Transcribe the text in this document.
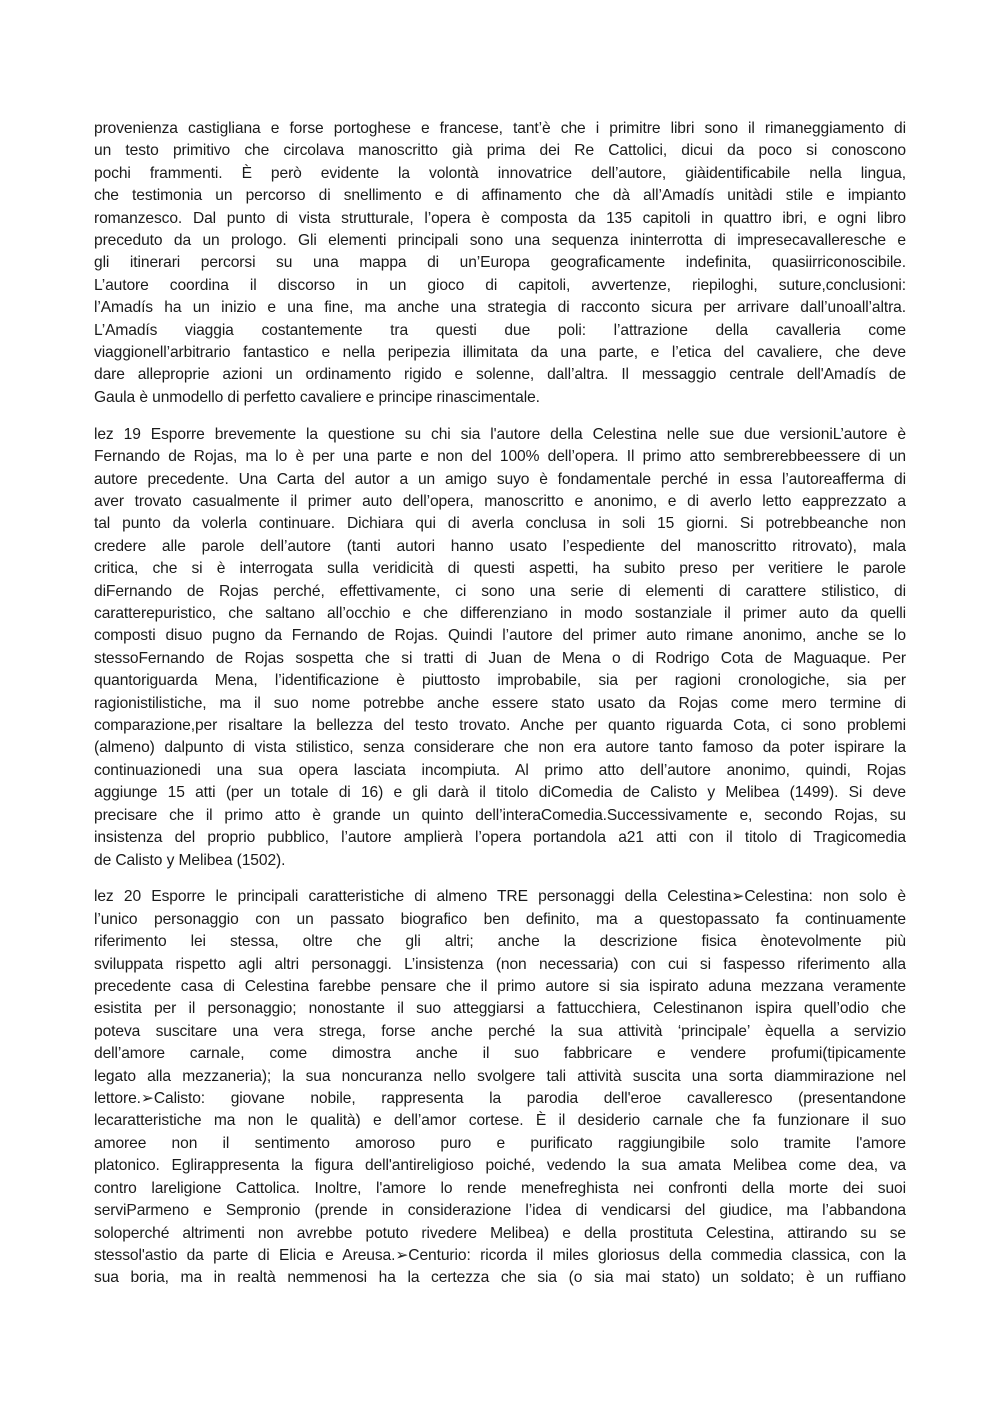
provenienza castigliana e forse portoghese e francese, tant’è che i primitre libri sono il rimaneggiamento di
un testo primitivo che circolava manoscritto già prima dei Re Cattolici, dicui da poco si conoscono
pochi frammenti. È però evidente la volontà innovatrice dell’autore, giàidentificabile nella lingua,
che testimonia un percorso di snellimento e di affinamento che dà all’Amadís unitàdi stile e impianto
romanzesco. Dal punto di vista strutturale, l’opera è composta da 135 capitoli in quattro ibri, e ogni libro
preceduto da un prologo. Gli elementi principali sono una sequenza ininterrotta di impresecavalleresche e
gli itinerari percorsi su una mappa di un’Europa geograficamente indefinita, quasiirriconoscibile.
L’autore coordina il discorso in un gioco di capitoli, avvertenze, riepiloghi, suture,conclusioni:
l’Amadís ha un inizio e una fine, ma anche una strategia di racconto sicura per arrivare dall’unoall’altra.
L’Amadís viaggia costantemente tra questi due poli: l’attrazione della cavalleria come
viaggionell’arbitrario fantastico e nella peripezia illimitata da una parte, e l’etica del cavaliere, che deve
dare alleproprie azioni un ordinamento rigido e solenne, dall’altra. Il messaggio centrale dell'Amadís de
Gaula è unmodello di perfetto cavaliere e principe rinascimentale.
lez 19 Esporre brevemente la questione su chi sia l'autore della Celestina nelle sue due versioniL’autore è
Fernando de Rojas, ma lo è per una parte e non del 100% dell’opera. Il primo atto sembrerebbeessere di un
autore precedente. Una Carta del autor a un amigo suyo è fondamentale perché in essa l’autoreafferma di
aver trovato casualmente il primer auto dell’opera, manoscritto e anonimo, e di averlo letto eapprezzato a
tal punto da volerla continuare. Dichiara qui di averla conclusa in soli 15 giorni. Si potrebbeanche non
credere alle parole dell’autore (tanti autori hanno usato l’espediente del manoscritto ritrovato), mala
critica, che si è interrogata sulla veridicità di questi aspetti, ha subito preso per veritiere le parole
diFernando de Rojas perché, effettivamente, ci sono una serie di elementi di carattere stilistico, di
caratterepuristico, che saltano all’occhio e che differenziano in modo sostanziale il primer auto da quelli
composti disuo pugno da Fernando de Rojas. Quindi l’autore del primer auto rimane anonimo, anche se lo
stessoFernando de Rojas sospetta che si tratti di Juan de Mena o di Rodrigo Cota de Maguaque. Per
quantoriguarda Mena, l’identificazione è piuttosto improbabile, sia per ragioni cronologiche, sia per
ragionistilistiche, ma il suo nome potrebbe anche essere stato usato da Rojas come mero termine di
comparazione,per risaltare la bellezza del testo trovato. Anche per quanto riguarda Cota, ci sono problemi
(almeno) dalpunto di vista stilistico, senza considerare che non era autore tanto famoso da poter ispirare la
continuazionedi una sua opera lasciata incompiuta. Al primo atto dell’autore anonimo, quindi, Rojas
aggiunge 15 atti (per un totale di 16) e gli darà il titolo diComedia de Calisto y Melibea (1499). Si deve
precisare che il primo atto è grande un quinto dell’interaComedia.Successivamente e, secondo Rojas, su
insistenza del proprio pubblico, l’autore amplierà l’opera portandola a21 atti con il titolo di Tragicomedia
de Calisto y Melibea (1502).
lez 20 Esporre le principali caratteristiche di almeno TRE personaggi della Celestina➢Celestina: non solo è
l’unico personaggio con un passato biografico ben definito, ma a questopassato fa continuamente
riferimento lei stessa, oltre che gli altri; anche la descrizione fisica ènotevolmente più
sviluppata rispetto agli altri personaggi. L’insistenza (non necessaria) con cui si faspesso riferimento alla
precedente casa di Celestina farebbe pensare che il primo autore si sia ispirato aduna mezzana veramente
esistita per il personaggio; nonostante il suo atteggiarsi a fattucchiera, Celestinanon ispira quell’odio che
poteva suscitare una vera strega, forse anche perché la sua attività ‘principale’ èquella a servizio
dell’amore carnale, come dimostra anche il suo fabbricare e vendere profumi(tipicamente
legato alla mezzaneria); la sua noncuranza nello svolgere tali attività suscita una sorta diammirazione nel
lettore.➢Calisto: giovane nobile, rappresenta la parodia dell'eroe cavalleresco (presentandone
lecaratteristiche ma non le qualità) e dell’amor cortese. È il desiderio carnale che fa funzionare il suo
amoree non il sentimento amoroso puro e purificato raggiungibile solo tramite l'amore
platonico. Eglirappresenta la figura dell'antireligioso poiché, vedendo la sua amata Melibea come dea, va
contro lareligione Cattolica. Inoltre, l'amore lo rende menefreghista nei confronti della morte dei suoi
serviParmeno e Sempronio (prende in considerazione l’idea di vendicarsi del giudice, ma l’abbandona
soloperché altrimenti non avrebbe potuto rivedere Melibea) e della prostituta Celestina, attirando su se
stessol'astio da parte di Elicia e Areusa.➢Centurio: ricorda il miles gloriosus della commedia classica, con la
sua boria, ma in realtà nemmenosi ha la certezza che sia (o sia mai stato) un soldato; è un ruffiano
